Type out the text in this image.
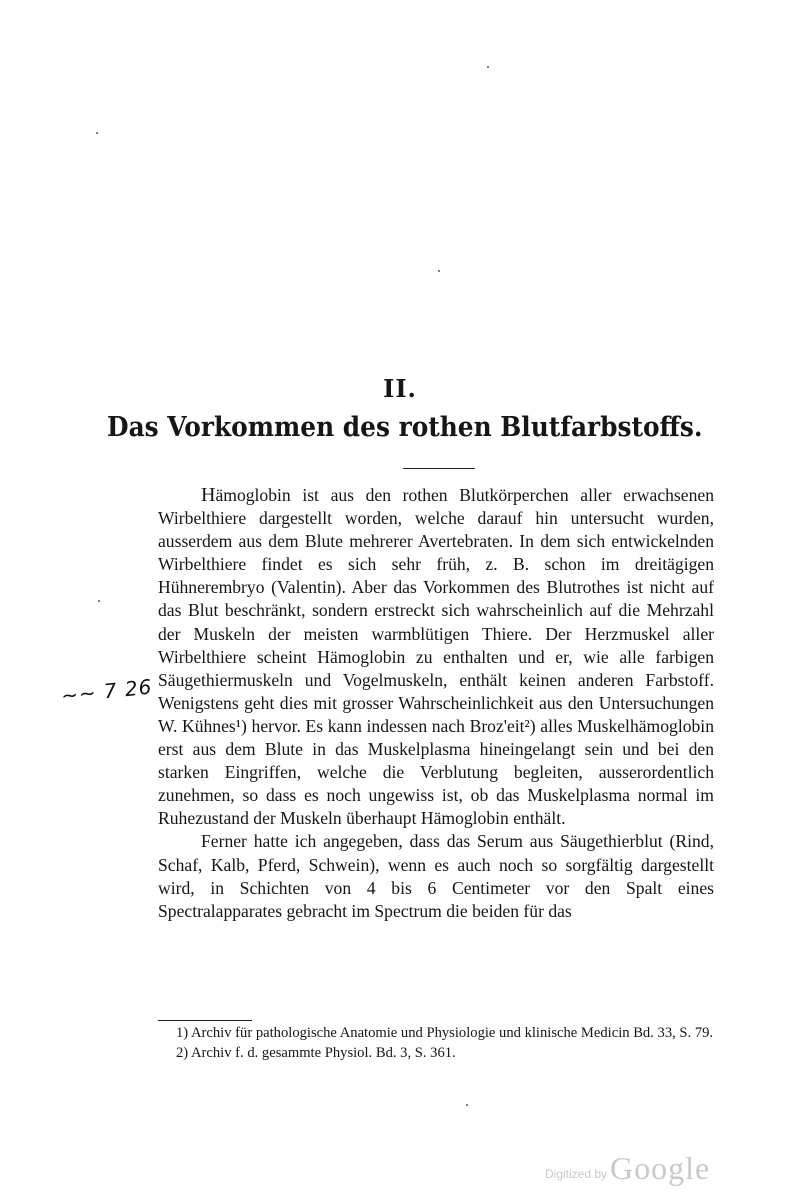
II.
Das Vorkommen des rothen Blutfarbstoffs.
~~ 7 26

Hämoglobin ist aus den rothen Blutkörperchen aller erwachsenen Wirbelthiere dargestellt worden, welche darauf hin untersucht wurden, ausserdem aus dem Blute mehrerer Avertebraten. In dem sich entwickelnden Wirbelthiere findet es sich sehr früh, z. B. schon im dreitägigen Hühnerembryo (Valentin). Aber das Vorkommen des Blutrothes ist nicht auf das Blut beschränkt, sondern erstreckt sich wahrscheinlich auf die Mehrzahl der Muskeln der meisten warmblütigen Thiere. Der Herzmuskel aller Wirbelthiere scheint Hämoglobin zu enthalten und er, wie alle farbigen Säugethiermuskeln und Vogelmuskeln, enthält keinen anderen Farbstoff. Wenigstens geht dies mit grosser Wahrscheinlichkeit aus den Untersuchungen W. Kühnes¹) hervor. Es kann indessen nach Broz'eit²) alles Muskelhämoglobin erst aus dem Blute in das Muskelplasma hineingelangt sein und bei den starken Eingriffen, welche die Verblutung begleiten, ausserordentlich zunehmen, so dass es noch ungewiss ist, ob das Muskelplasma normal im Ruhezustand der Muskeln überhaupt Hämoglobin enthält.

Ferner hatte ich angegeben, dass das Serum aus Säugethierblut (Rind, Schaf, Kalb, Pferd, Schwein), wenn es auch noch so sorgfältig dargestellt wird, in Schichten von 4 bis 6 Centimeter vor den Spalt eines Spectralapparates gebracht im Spectrum die beiden für das

1) Archiv für pathologische Anatomie und Physiologie und klinische Medicin Bd. 33, S. 79.

2) Archiv f. d. gesammte Physiol. Bd. 3, S. 361.

Digitized by Google
